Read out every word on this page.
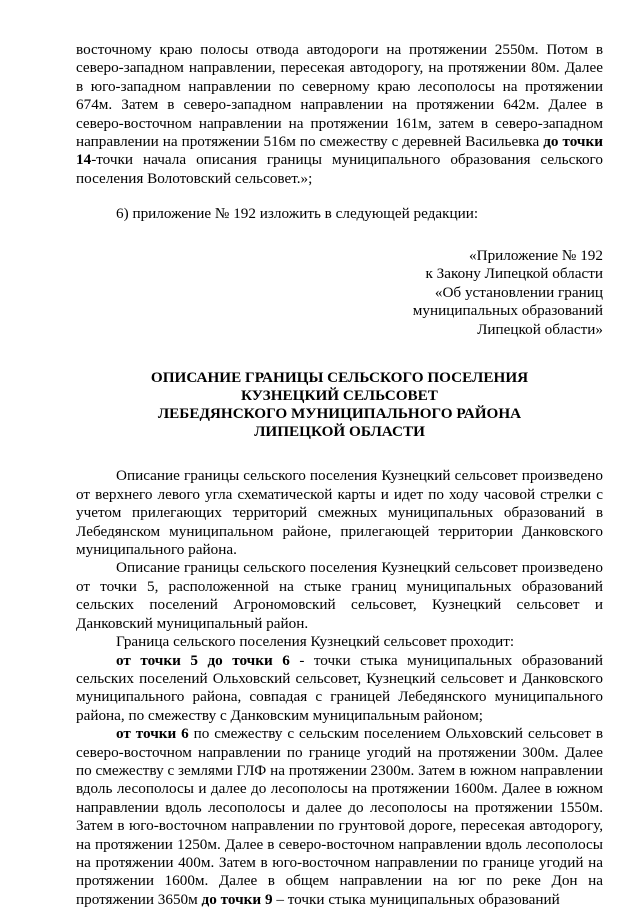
восточному краю полосы отвода автодороги на протяжении 2550м. Потом в северо-западном направлении, пересекая автодорогу, на протяжении 80м. Далее в юго-западном направлении по северному краю лесополосы на протяжении 674м. Затем в северо-западном направлении на протяжении 642м. Далее в северо-восточном направлении на протяжении 161м, затем в северо-западном направлении на протяжении 516м по смежеству с деревней Васильевка до точки 14-точки начала описания границы муниципального образования сельского поселения Волотовский сельсовет.»;

6) приложение № 192 изложить в следующей редакции:

«Приложение № 192
к Закону Липецкой области
«Об установлении границ
муниципальных образований
Липецкой области»
ОПИСАНИЕ ГРАНИЦЫ СЕЛЬСКОГО ПОСЕЛЕНИЯ
КУЗНЕЦКИЙ СЕЛЬСОВЕТ
ЛЕБЕДЯНСКОГО МУНИЦИПАЛЬНОГО РАЙОНА
ЛИПЕЦКОЙ ОБЛАСТИ

Описание границы сельского поселения Кузнецкий сельсовет произведено от верхнего левого угла схематической карты и идет по ходу часовой стрелки с учетом прилегающих территорий смежных муниципальных образований в Лебедянском муниципальном районе, прилегающей территории Данковского муниципального района.

Описание границы сельского поселения Кузнецкий сельсовет произведено от точки 5, расположенной на стыке границ муниципальных образований сельских поселений Агрономовский сельсовет, Кузнецкий сельсовет и Данковский муниципальный район.

Граница сельского поселения Кузнецкий сельсовет проходит:

от точки 5 до точки 6 - точки стыка муниципальных образований сельских поселений Ольховский сельсовет, Кузнецкий сельсовет и Данковского муниципального района, совпадая с границей Лебедянского муниципального района, по смежеству с Данковским муниципальным районом;

от точки 6 по смежеству с сельским поселением Ольховский сельсовет в северо-восточном направлении по границе угодий на протяжении 300м. Далее по смежеству с землями ГЛФ на протяжении 2300м. Затем в южном направлении вдоль лесополосы и далее до лесополосы на протяжении 1600м. Далее в южном направлении вдоль лесополосы и далее до лесополосы на протяжении 1550м. Затем в юго-восточном направлении по грунтовой дороге, пересекая автодорогу, на протяжении 1250м. Далее в северо-восточном направлении вдоль лесополосы на протяжении 400м. Затем в юго-восточном направлении по границе угодий на протяжении 1600м. Далее в общем направлении на юг по реке Дон на протяжении 3650м до точки 9 – точки стыка муниципальных образований
